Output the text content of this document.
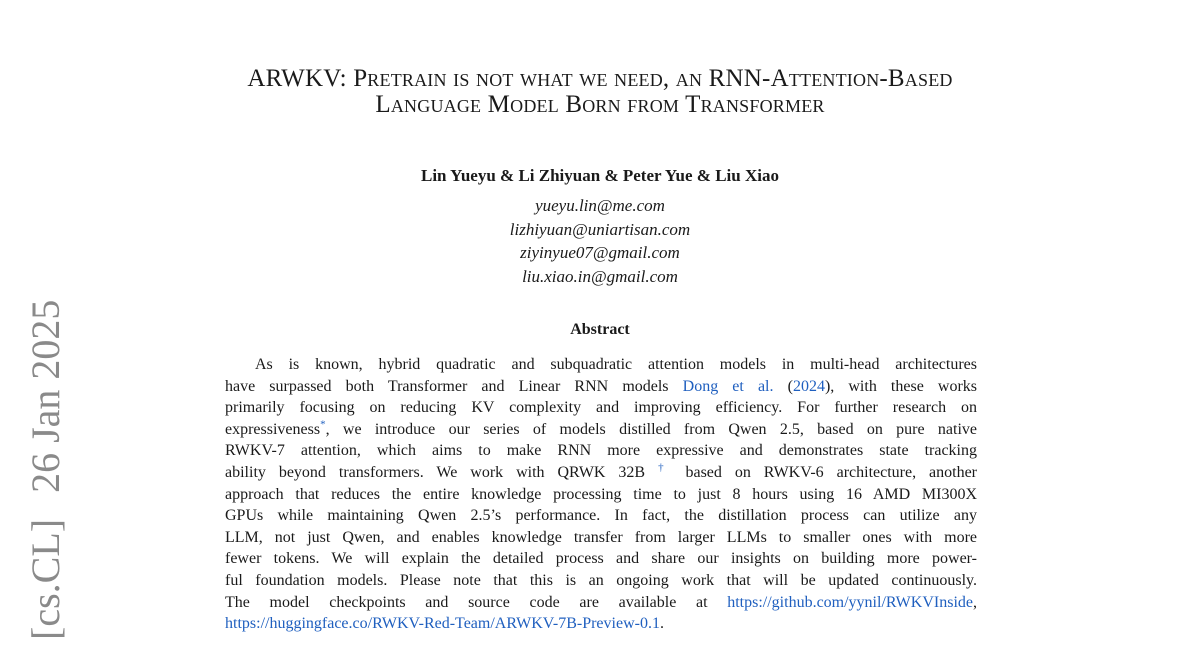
ARWKV: Pretrain is not what we need, an RNN-Attention-Based
Language Model Born from Transformer
Lin Yueyu & Li Zhiyuan & Peter Yue & Liu Xiao
yueyu.lin@me.com
lizhiyuan@uniartisan.com
ziyinyue07@gmail.com
liu.xiao.in@gmail.com
Abstract
As is known, hybrid quadratic and subquadratic attention models in multi-head architectures
have surpassed both Transformer and Linear RNN models Dong et al. (2024), with these works
primarily focusing on reducing KV complexity and improving efficiency. For further research on
expressiveness*, we introduce our series of models distilled from Qwen 2.5, based on pure native
RWKV-7 attention, which aims to make RNN more expressive and demonstrates state tracking
ability beyond transformers. We work with QRWK 32B † based on RWKV-6 architecture, another
approach that reduces the entire knowledge processing time to just 8 hours using 16 AMD MI300X
GPUs while maintaining Qwen 2.5’s performance. In fact, the distillation process can utilize any
LLM, not just Qwen, and enables knowledge transfer from larger LLMs to smaller ones with more
fewer tokens. We will explain the detailed process and share our insights on building more power-
ful foundation models. Please note that this is an ongoing work that will be updated continuously.
The model checkpoints and source code are available at https://github.com/yynil/RWKVInside,
https://huggingface.co/RWKV-Red-Team/ARWKV-7B-Preview-0.1.
[cs.CL]26 Jan 2025
